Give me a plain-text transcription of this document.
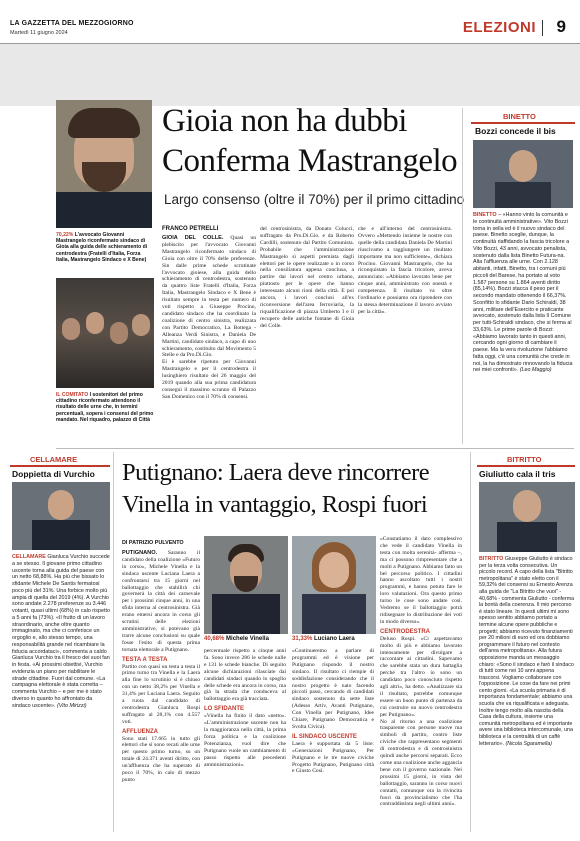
LA GAZZETTA DEL MEZZOGIORNO
Martedì 11 giugno 2024	ELEZIONI 9
70,22% L'avvocato Giovanni Mastrangelo riconfermato sindaco di Gioia alla guida delle schieramento di centrodestra (Fratelli d'Italia, Forza Italia, Mastrangelo Sindaco e X Bene)
IL COMITATO I sostenitori del primo cittadino riconfermato attendono il risultato delle urne che, in termini percentuali, sopera i consensi del primo mandato. Nel riquadro, palazzo di Città
Gioia non ha dubbi
Conferma Mastrangelo
Largo consenso (oltre il 70%) per il primo cittadino
FRANCO PETRELLI
GIOIA DEL COLLE. Quasi un plebiscito per l'avvocato Giovanni Mastrangelo riconfermato sindaco di Gioia con oltre il 70% delle preferenze. Sin dalle prime schede scrutinate l'avvocato gioiese, alla guida dello schieramento di centrodestra, sostenuto da quattro liste Fratelli d'Italia, Forza Italia, Mastrangelo Sindaco e X Bene è risultato sempre in testa per numero di voti rispetto a Giuseppe Procino, candidato sindaco che ha coordinato la coalizione di centro sinistra, realizzata con Partito Democratico, La Bottega - Alleanza Verdi Sinistra, e Daniela De Martini, candidato sindaco, a capo di uno schieramento, costituito dal Movimento 5 Stelle e da Pro.Di.Gio.
Ei è sarebbe ripetuto per Giovanni Mastrangelo e per il centrodestra il lusinghiero risultato del 26 maggio del 2019 quando alla sua prima candidatura conseguì il massimo scranno di Palazzo San Domenico con il 70% di consensi.
del centrosinistra, da Donato Colucci, suffragato da Pro.Di.Gio. e da Roberto Cardilli, sostenuto dal Partito Comunista. Probabile che l'amministrazione Mastrangelo si aspetti premiata dagli elettori per le opere realizzate o in corso nella consiliatura appena conclusa, a partire dai lavori nel centro urbano, piuttosto per le opere che hanno interessato alcuni rioni della città. E poi ancora, i lavori conclusi all'ex riconversione dell'area ferroviaria, la riqualificazione di piazza Umberto I e il recupero delle antiche fontane di Gioia del Colle.
che e all'interno del centrosinistra. Ovvero «Mettendo insieme le nostre con quelle della candidata Daniela De Martini riuscivamo a raggiungere un risultato importante ma non sufficiente», dichiara Procino. Giovanni Mastrangelo, che ha riconquistato la fascia tricolore, aveva annunciato: «Abbiamo lavorato bene per cinque anni, amministrato con onestà e competenza. Il risultato va oltre l'ordinario e possiamo ora riprendere con la stessa determinazione il lavoro avviato per la città».
BINETTO
Bozzi concede il bis
BINETTO – «Hanno vinto la comunità e le continuità amministrative». Vito Bozzi torna in sella ed è il nuovo sindaco del paese. Binetto sceglie, dunque, la continuità riaffidando la fascia tricolore a Vito Bozzi, 43 anni, avvocato penalista, sostenuto dalla lista Binetto Futura-na. Alta l'affluenza alle urne. Con 2.128 abitanti, infatti, Binetto, tra i comuni più piccoli del Barese, ha portato al voto 1.587 persone su 1.864 aventi diritto (85,14%). Bozzi stacca il peso per il secondo mandato ottenendo il 66,37%. Sconfitto lo sfidante Dario Schiraldi, 38 anni, militare dell'Esercito e praticante avvocato, sostenuto dalla lista Il Comune per tutti-Schiraldi sindaco, che si ferma al 33,63%. Le prime parole di Bozzi: «Abbiamo lavorato tanto in questi anni, cercando ogni giorno di cambiare il paese. Ma la vera rivoluzione l'abbiamo fatta oggi, c'è una comunità che crede in noi, la ha dimostrato rinnovando la fiducia nei miei confronti». (Leo Maggio)
CELLAMARE
Doppietta di Vurchio
CELLAMARE Gianluca Vurchio succede a se stesso. Il giovane primo cittadino uscente torna alla guida del paese con un netto 68,88%. Ha più che bissato lo sfidante Michele De Santis fermatosi poco più del 31%. Una forbice molto più ampia di quella del 2019 (4%). A Vurchio sono andate 2.278 preferenze su 3.446 votanti, quasi ultimi (68%) in calo rispetto a 5 anni fa (73%). «Il frutto di un lavoro straordinario, anche oltre quanto immaginato, ma che ci conferisce un orgoglio e, allo stesso tempo, una responsabilità grande nel ricambiare la fiducia accordataci», commenta a caldo Gianluca Vurchio tra il fresco dei suoi fan in festa. «Ai prossimi obiettivi, Vurchio evidenzia un piano per riabilitare le strade cittadine. Fuori dal comune. «La campagna elettorale è stata corretta – commenta Vurchio – e per me è stato diverso in quanto ho affrontato da sindaco uscente». (Vito Mirizzi)
Putignano: Laera deve rincorrere
Vinella in vantaggio, Rospi fuori
DI PATRIZIO PULVENTO
PUTIGNANO. Saranno il candidato della coalizione «Futuro in corso», Michele Vinella e la sindaca uscente Luciana Laera a confrontarsi tra 15 giorni nel ballottaggio che stabilirà chi governerà la città dei carnevale per i prossimi cinque anni, in una sfida interna al centrosinistra. Già erano emersi ancora in corso gli scrutini delle elezioni amministrative, si potevano già trarre alcune conclusioni su quale fosse l'esito di questa prima tornata elettorale a Putignano.
TESTA A TESTA
Partito con quasi un testa a testa il primo turno tra Vinella e la Laera alla fine lo scrutinio si è chiuso con un netto 38,2% per Vinella e 31,4% per Luciana Laera. Seguito a ruota dal candidato di centrodestra Gianluca Rospi suffragato al 28,1% con 4.557 voti.
AFFLUENZA
Sono stati 17.665 in tutto gli elettori che si sono recati alle urne per questo primo turno, su un totale di 24.371 aventi diritto, con un'affluenza che ha superato di poco il 70%, in calo di mezzo punto
40,68% Michele Vinella
percentuale rispetto a cinque anni fa. Sono invece 286 le schede nulle e 131 le schede bianche. Di seguito alcune dichiarazioni rilasciate dai candidati sindaci quando lo spoglio delle schede era ancora in corso, ma già la strada che conduceva al ballottaggio era già tracciata.
LO SFIDANTE
«Vinella ha finito il dato «netto». «L'amministrazione uscente non ha la maggioranza nella città, la prima forza politica e la coalizione Potenzianza, vuol dire che Putignano vuole un cambiamento di passo rispetto alle precedenti amministrazioni».
31,33% Luciano Laera
«Continueremo a parlare di programmi ed è visione per Putignano rispondo il nostro sindaco. Il risultato ci riempie di soddisfazione considerando che il nostro progetto è nato facendo piccoli passi, cercando di candidati sindaco sostenuto da sette liste (Adesso Artiv, Avanti Putignano, Con Vinella per Putignano, Idee Chiare, Putignano Democratica e Svolta Civica).
IL SINDACO USCENTE
Laera è supportata da 5 liste: «Generazioni Putignano, Per Putignano e le tre nuove civiche Progetto Putignano, Putignano città e Giusto Così.
«Constatiamo il dato complessivo che vede il candidato Vinella in testa con molta serenità- afferma –, ma ci possono rimpresentare che a molti a Putignano. Abbiamo fatto un bel percorso politico. I cittadini hanno ascoltato tutti i nostri programmi, e hanno potuto fare le loro valutazioni. Ora questo primo turno le cose sono andate così. Vedremo se il ballottaggio potrà ridisegnare lo distribuzione dei voti in modo diverso».
CENTRODESTRA
Deluso Rospi. «Ci aspettavamo molto di più e abbiamo lavorato intensamente per divulgare a raccontare ai cittadini. Sapevamo che sarebbe stata un dura battaglia perché tra l'altro io sono un candidato poco conosciuto rispetto agli altri», ha detto. «Analizzare sia il risultato, potrebbe comunque essere un buon punto di partenza da cui costruire un nuovo centrodestra per Putignano».
No al ritorno a una coalizione trasparente con persone nuove ma simboli di partito, contro liste civiche che rappresentano segmenti di centrodestra e di centrosinistra quindi anche percorsi separati. Ecco come una coalizione anche aggancia bene con il governo nazionale. Nei prossimi 15 giorni, in vista del ballottaggio, saranno in corso nuovi contatti, comunque ora la rivincita fuori da provincialismo che l'ha contraddistinta negli ultimi anni».
BITRITTO
Giuliutto cala il tris
BITRITTO Giuseppe Giuliutto è sindaco per la terza volta consecutiva. Un piccolo record. A capo della lista "Bitritto metropolitana" è stato eletto con il 59,32% dei consensi su Ernesto Arenza alla guida de "La Bitritto che vuoi" - 40,68% - commenta Giuliutto - conferma la bontà della coerenza. Il mio percorso è stato lineare. In questi ultimi mi sono spesso sentito abbiamo portato a termine alcune opere pubbliche e progetti; abbiamo ricevuto finanziamenti per 20 milioni di euro ed ora dobbiamo programmare il futuro nel contesto dell'area metropolitana». Alla futura opposizione manda un messaggio chiaro: «Sono il sindaco e farò il sindaco di tutti come nei 10 anni appena trascorsi. Vogliamo collaborare con l'opposizione. Le cose da fare nei primi cento giorni. «La scuola primaria è di importanza fondamentale; abbiamo una scuola che va riqualificata e adeguata. Inoltre tengo molto alla nascita della Casa della cultura, insieme una comunità metropolitana ed è importante avere una biblioteca intercomunale, una biblioteca e la centralità di un caffè letterario». (Nicola Sgaramella)
